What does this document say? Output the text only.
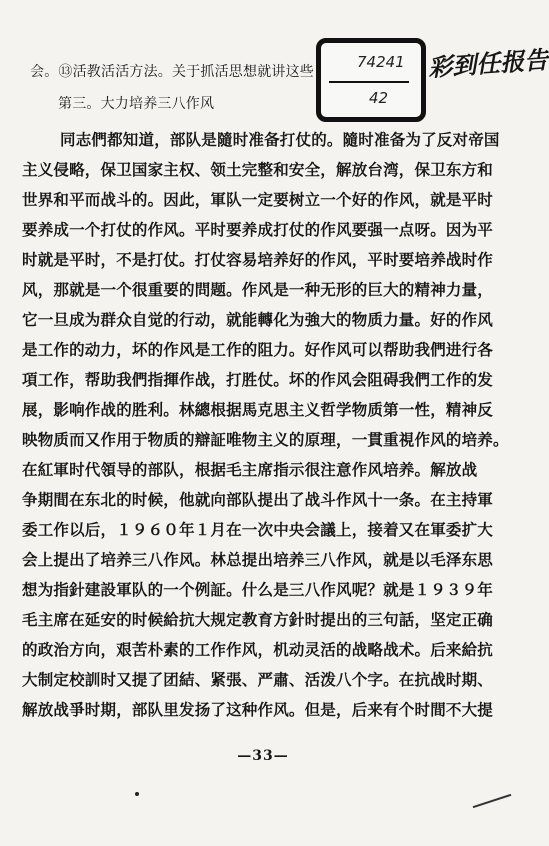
会。⑬活教活活方法。关于抓活思想就讲这些
74241
42
彩到任报告
第三。大力培养三八作风
同志們都知道，部队是隨时准备打仗的。隨时准备为了反对帝国
主义侵略，保卫国家主权、领土完整和安全，解放台湾，保卫东方和
世界和平而战斗的。因此，軍队一定要树立一个好的作风，就是平时
要养成一个打仗的作风。平时要养成打仗的作风要强一点呀。因为平
时就是平时，不是打仗。打仗容易培养好的作风，平时要培养战时作
风，那就是一个很重要的問题。作风是一种无形的巨大的精神力量，
它一旦成为群众自觉的行动，就能轉化为強大的物质力量。好的作风
是工作的动力，坏的作风是工作的阻力。好作风可以帮助我們进行各
項工作，帮助我們指揮作战，打胜仗。坏的作风会阻碍我們工作的发
展，影响作战的胜利。林總根据馬克思主义哲学物质第一性，精神反
映物质而又作用于物质的辯証唯物主义的原理，一貫重視作风的培养。
在紅軍时代領导的部队，根据毛主席指示很注意作风培养。解放战
争期間在东北的时候，他就向部队提出了战斗作风十一条。在主持軍
委工作以后，１９６０年１月在一次中央会議上，接着又在軍委扩大
会上提出了培养三八作风。林总提出培养三八作风，就是以毛泽东思
想为指針建設軍队的一个例証。什么是三八作风呢？就是１９３９年
毛主席在延安的时候給抗大规定教育方針时提出的三句話，坚定正确
的政治方向，艰苦朴素的工作作风，机动灵活的战略战术。后来給抗
大制定校訓时又提了团結、紧張、严肅、活泼八个字。在抗战时期、
解放战爭时期，部队里发扬了这种作风。但是，后来有个时間不大提
—33—
